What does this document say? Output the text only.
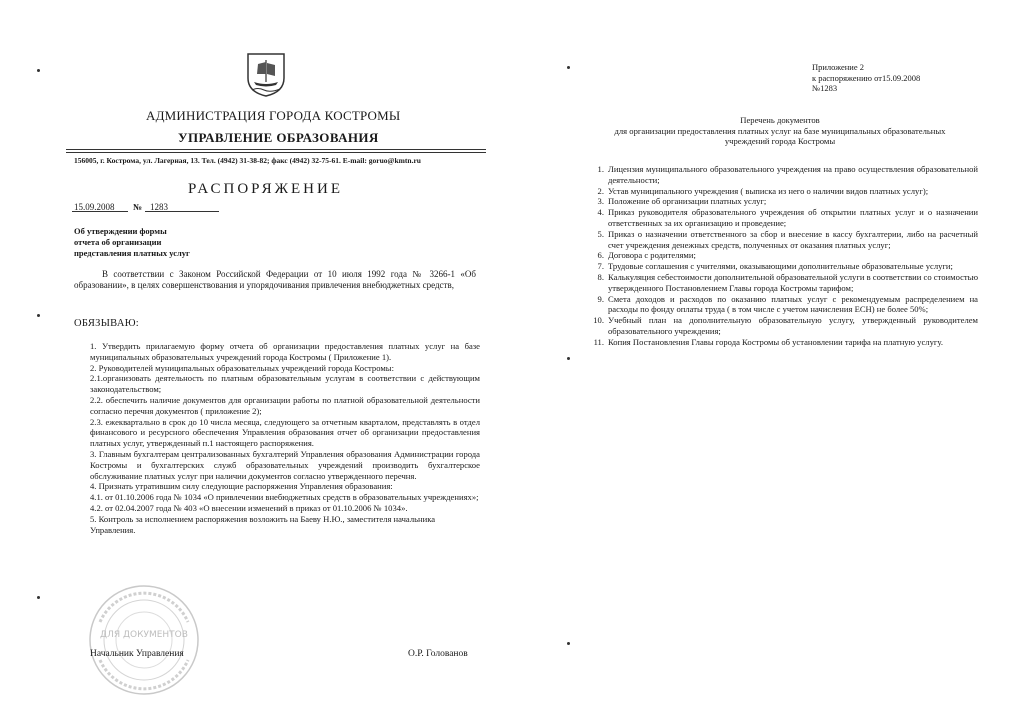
АДМИНИСТРАЦИЯ ГОРОДА КОСТРОМЫ
УПРАВЛЕНИЕ ОБРАЗОВАНИЯ
156005, г. Кострома, ул. Лагерная, 13. Тел. (4942) 31-38-82; факс (4942) 32-75-61. E-mail: goruo@kmtn.ru
РАСПОРЯЖЕНИЕ
15.09.2008 № 1283
Об утверждении формы
отчета об организации
представления платных услуг
В соответствии с Законом Российской Федерации от 10 июля 1992 года № 3266-1 «Об образовании», в целях совершенствования и упорядочивания привлечения внебюджетных средств,
ОБЯЗЫВАЮ:

1. Утвердить прилагаемую форму отчета об организации предоставления платных услуг на базе муниципальных образовательных учреждений города Костромы ( Приложение 1).

2. Руководителей муниципальных образовательных учреждений города Костромы:

2.1.организовать деятельность по платным образовательным услугам в соответствии с действующим законодательством;

2.2. обеспечить наличие документов для организации работы по платной образовательной деятельности согласно перечня документов ( приложение 2);

2.3. ежеквартально в срок до 10 числа месяца, следующего за отчетным кварталом, представлять в отдел финансового и ресурсного обеспечения Управления образования отчет об организации предоставления платных услуг, утвержденный п.1 настоящего распоряжения.

3. Главным бухгалтерам централизованных бухгалтерий Управления образования Администрации города Костромы и бухгалтерских служб образовательных учреждений производить бухгалтерское обслуживание платных услуг при наличии документов согласно утвержденного перечня.

4. Признать утратившим силу следующие распоряжения Управления образования:

4.1. от 01.10.2006 года № 1034 «О привлечении внебюджетных средств в образовательных учреждениях»;

4.2. от 02.04.2007 года № 403 «О внесении изменений в приказ от 01.10.2006 № 1034».

5. Контроль за исполнением распоряжения возложить на Баеву Н.Ю., заместителя начальника Управления.

ДЛЯ ДОКУМЕНТОВ
Начальник Управления	О.Р. Голованов
Приложение 2
к распоряжению от15.09.2008
№1283
Перечень документов
для организации предоставления платных услуг на базе муниципальных образовательных
учреждений города Костромы
1. Лицензия муниципального образовательного учреждения на право осуществления образовательной деятельности;
2. Устав муниципального учреждения ( выписка из него о наличии видов платных услуг);
3. Положение об организации платных услуг;
4. Приказ руководителя образовательного учреждения об открытии платных услуг и о назначении ответственных за их организацию и проведение;
5. Приказ о назначении ответственного за сбор и внесение в кассу бухгалтерии, либо на расчетный счет учреждения денежных средств, полученных от оказания платных услуг;
6. Договора с родителями;
7. Трудовые соглашения с учителями, оказывающими дополнительные образовательные услуги;
8. Калькуляция себестоимости дополнительной образовательной услуги в соответствии со стоимостью утвержденного Постановлением Главы города Костромы тарифом;
9. Смета доходов и расходов по оказанию платных услуг с рекомендуемым распределением на расходы по фонду оплаты труда ( в том числе с учетом начисления ЕСН) не более 50%;
10. Учебный план на дополнительную образовательную услугу, утвержденный руководителем образовательного учреждения;
11. Копия Постановления Главы города Костромы об установлении тарифа на платную услугу.
